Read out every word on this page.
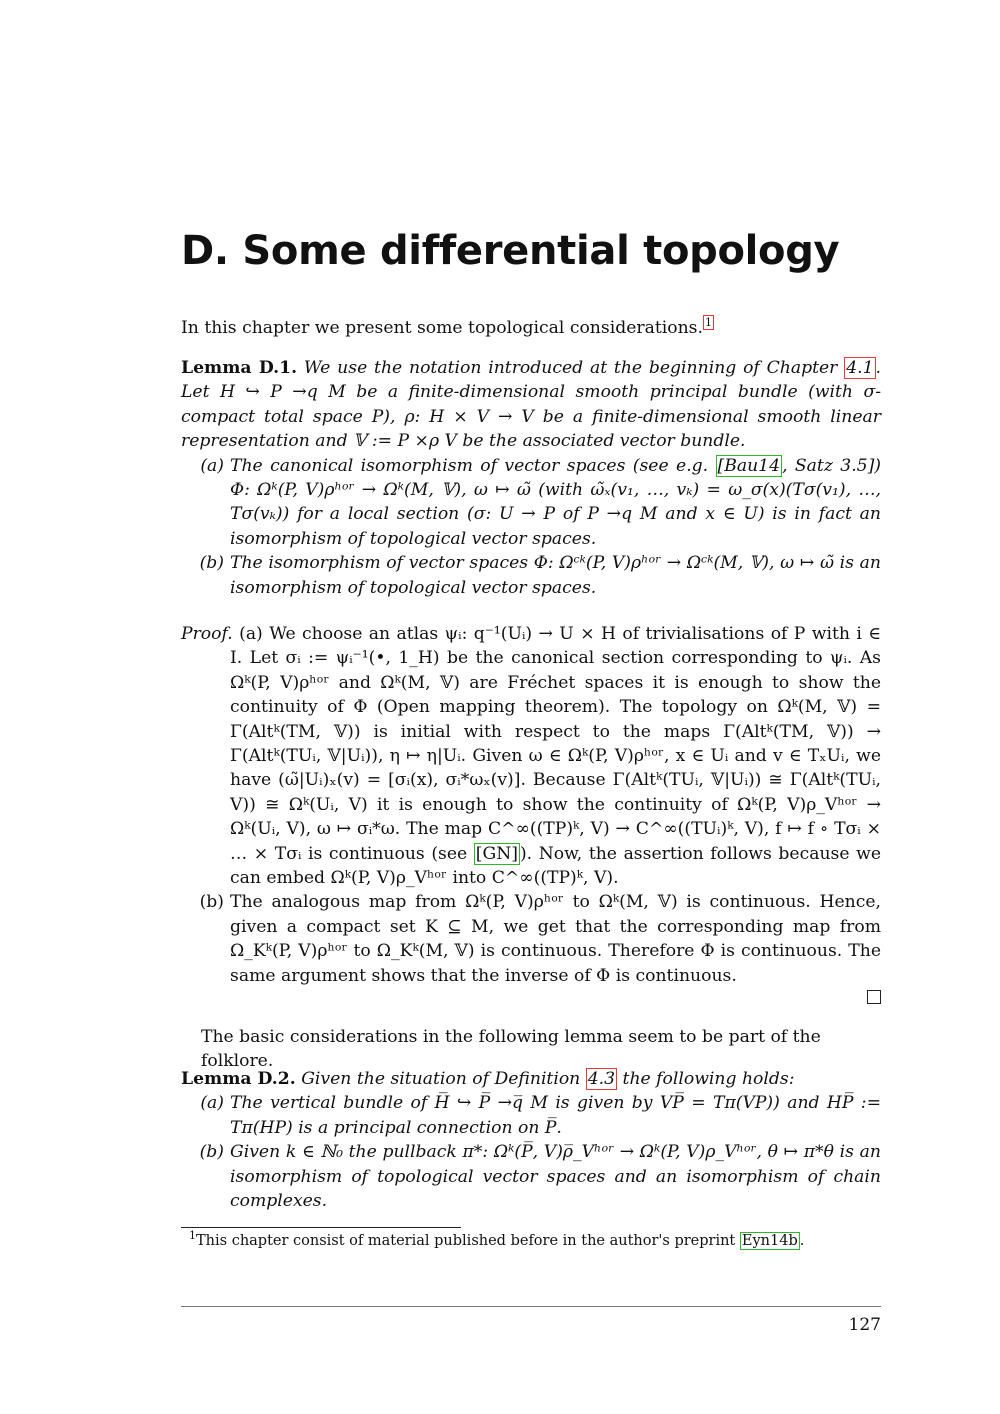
D. Some differential topology

In this chapter we present some topological considerations. $^1$

Lemma D.1. We use the notation introduced at the beginning of Chapter 4.1 . Let H ↪ P →q M be a finite-dimensional smooth principal bundle (with σ-compact total space P), ρ: H × V → V be a finite-dimensional smooth linear representation and 𝕍 := P ×ρ V be the associated vector bundle.
(a) The canonical isomorphism of vector spaces (see e.g. [Bau14 , Satz 3.5]) Φ: Ωᵏ(P, V)ρʰᵒʳ → Ωᵏ(M, 𝕍), ω ↦ ω̃ (with ω̃ₓ(v₁, …, vₖ) = ω_σ(x)(Tσ(v₁), …, Tσ(vₖ)) for a local section (σ: U → P of P →q M and x ∈ U) is in fact an isomorphism of topological vector spaces.
(b) The isomorphism of vector spaces Φ: Ωᶜᵏ(P, V)ρʰᵒʳ → Ωᶜᵏ(M, 𝕍), ω ↦ ω̃ is an isomorphism of topological vector spaces.
Proof. (a) We choose an atlas ψᵢ: q⁻¹(Uᵢ) → U × H of trivialisations of P with i ∈ I. Let σᵢ := ψᵢ⁻¹(•, 1_H) be the canonical section corresponding to ψᵢ. As Ωᵏ(P, V)ρʰᵒʳ and Ωᵏ(M, 𝕍) are Fréchet spaces it is enough to show the continuity of Φ (Open mapping theorem). The topology on Ωᵏ(M, 𝕍) = Γ(Altᵏ(TM, 𝕍)) is initial with respect to the maps Γ(Altᵏ(TM, 𝕍)) → Γ(Altᵏ(TUᵢ, 𝕍|Uᵢ)), η ↦ η|Uᵢ. Given ω ∈ Ωᵏ(P, V)ρʰᵒʳ, x ∈ Uᵢ and v ∈ TₓUᵢ, we have (ω̃|Uᵢ)ₓ(v) = [σᵢ(x), σᵢ*ωₓ(v)]. Because Γ(Altᵏ(TUᵢ, 𝕍|Uᵢ)) ≅ Γ(Altᵏ(TUᵢ, V)) ≅ Ωᵏ(Uᵢ, V) it is enough to show the continuity of Ωᵏ(P, V)ρ_Vʰᵒʳ → Ωᵏ(Uᵢ, V), ω ↦ σᵢ*ω. The map C^∞((TP)ᵏ, V) → C^∞((TUᵢ)ᵏ, V), f ↦ f ∘ Tσᵢ × … × Tσᵢ is continuous (see [GN] ). Now, the assertion follows because we can embed Ωᵏ(P, V)ρ_Vʰᵒʳ into C^∞((TP)ᵏ, V).
(b) The analogous map from Ωᵏ(P, V)ρʰᵒʳ to Ωᵏ(M, 𝕍) is continuous. Hence, given a compact set K ⊆ M, we get that the corresponding map from Ω_Kᵏ(P, V)ρʰᵒʳ to Ω_Kᵏ(M, 𝕍) is continuous. Therefore Φ is continuous. The same argument shows that the inverse of Φ is continuous.

The basic considerations in the following lemma seem to be part of the folklore.

Lemma D.2. Given the situation of Definition 4.3 the following holds:
(a) The vertical bundle of H̅ ↪ P̅ →q̅ M is given by VP̅ = Tπ(VP)) and HP̅ := Tπ(HP) is a principal connection on P̅.
(b) Given k ∈ ℕ₀ the pullback π*: Ωᵏ(P̅, V)ρ̅_Vʰᵒʳ → Ωᵏ(P, V)ρ_Vʰᵒʳ, θ ↦ π*θ is an isomorphism of topological vector spaces and an isomorphism of chain complexes.

$^1$This chapter consist of material published before in the author's preprint Eyn14b .

127
